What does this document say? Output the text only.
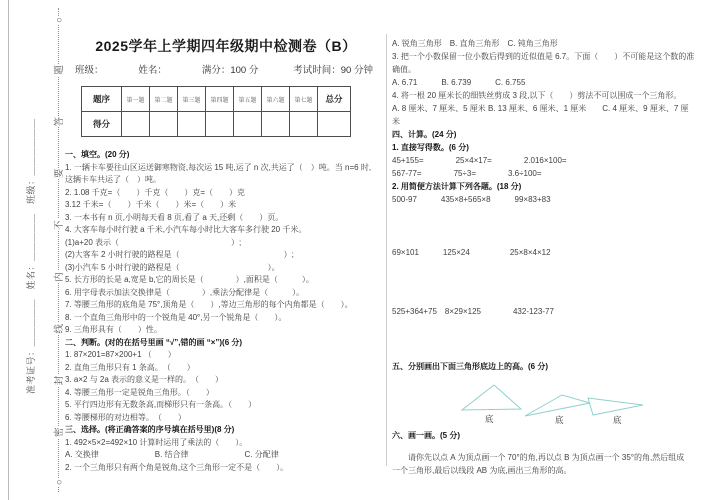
准考证号：＿＿＿＿＿　姓名：＿＿＿＿＿　班级：＿＿＿＿＿＿
○
密
封
线
内
不
要
答
题
○
2025学年上学期四年级期中检测卷（B）
班级：	姓名：	满分：100 分	考试时间：90 分钟
题序	第一题	第二题	第三题	第四题	第五题	第六题	第七题	总分
得分								
一、填空。(20 分)
1. 一辆卡车要往山区运送御寒物资,每次运 15 吨,运了 n 次,共运了（　）吨。当 n=6 时,
这辆卡车共运了（　）吨。
2. 1.08 千克=（　　）千克（　　）克=（　　）克
3.12 千米=（　　）千米（　　）米=（　　）米
3. 一本书有 n 页,小明每天看 8 页,看了 a 天,还剩（　　）页。
4. 大客车每小时行驶 a 千米,小汽车每小时比大客车多行驶 20 千米。
(1)a+20 表示（　　　　　　　　　　　　　　）;
(2)大客车 2 小时行驶的路程是（　　　　　　　　　　　　　）;
(3)小汽车 5 小时行驶的路程是（　　　　　　　　　　　）。
5. 长方形的长是 a,宽是 b,它的周长是（　　　　）,面积是（　　　）。
6. 用字母表示加法交换律是（　　　　）,乘法分配律是（　　　）。
7. 等腰三角形的底角是 75°,顶角是（　　）,等边三角形的每个内角都是（　　）。
8. 一个直角三角形中的一个锐角是 40°,另一个锐角是（　　）。
9. 三角形具有（　　）性。
二、判断。(对的在括号里画 “√”,错的画 “×”)(6 分)
1. 87×201=87×200+1 （　　）
2. 直角三角形只有 1 条高。　（　　）
3. a×2 与 2a 表示的意义是一样的。　（　　）
4. 等腰三角形一定是锐角三角形。（　　）
5. 平行四边形有无数条高,而梯形只有一条高。（　　）
6. 等腰梯形的对边相等。　（　　）
三、选择。(将正确答案的序号填在括号里)(8 分)
1. 492×5×2=492×10 计算时运用了乘法的（　　）。
A. 交换律　　　　　　　B. 结合律　　　　　　　C. 分配律
2. 一个三角形只有两个角是锐角,这个三角形一定不是（　　）。
A. 锐角三角形　B. 直角三角形　C. 钝角三角形
3. 把一个小数保留一位小数后得到的近似值是 6.7。下面（　　）不可能是这个数的准
确值。
A. 6.71　　　B. 6.739　　　C. 6.755
4. 将一根 20 厘米长的细铁丝剪成 3 段,以下（　　）剪法不可以围成一个三角形。
A. 8 厘米、7 厘米、5 厘米 B. 13 厘米、6 厘米、1 厘米　　C. 4 厘米、9 厘米、7 厘
米
四、计算。(24 分)
1. 直接写得数。(6 分)
45+155=　　　　25×4×17=　　　　2.016×100=
567-77=　　　　75÷3=　　　　3.6÷100=
2. 用简便方法计算下列各题。(18 分)
500-97　　　435×8+565×8　　　99×83+83
69×101　　　125×24　　　　　25×8×4×12
525+364+75　8×29×125　　　　432-123-77
五、分别画出下面三角形底边上的高。(6 分)
底	底	底
六、画一画。(5 分)
请你先以点 A 为顶点画一个 70°的角,再以点 B 为顶点画一个 35°的角,然后组成
一个三角形,最后以线段 AB 为底,画出三角形的高。
